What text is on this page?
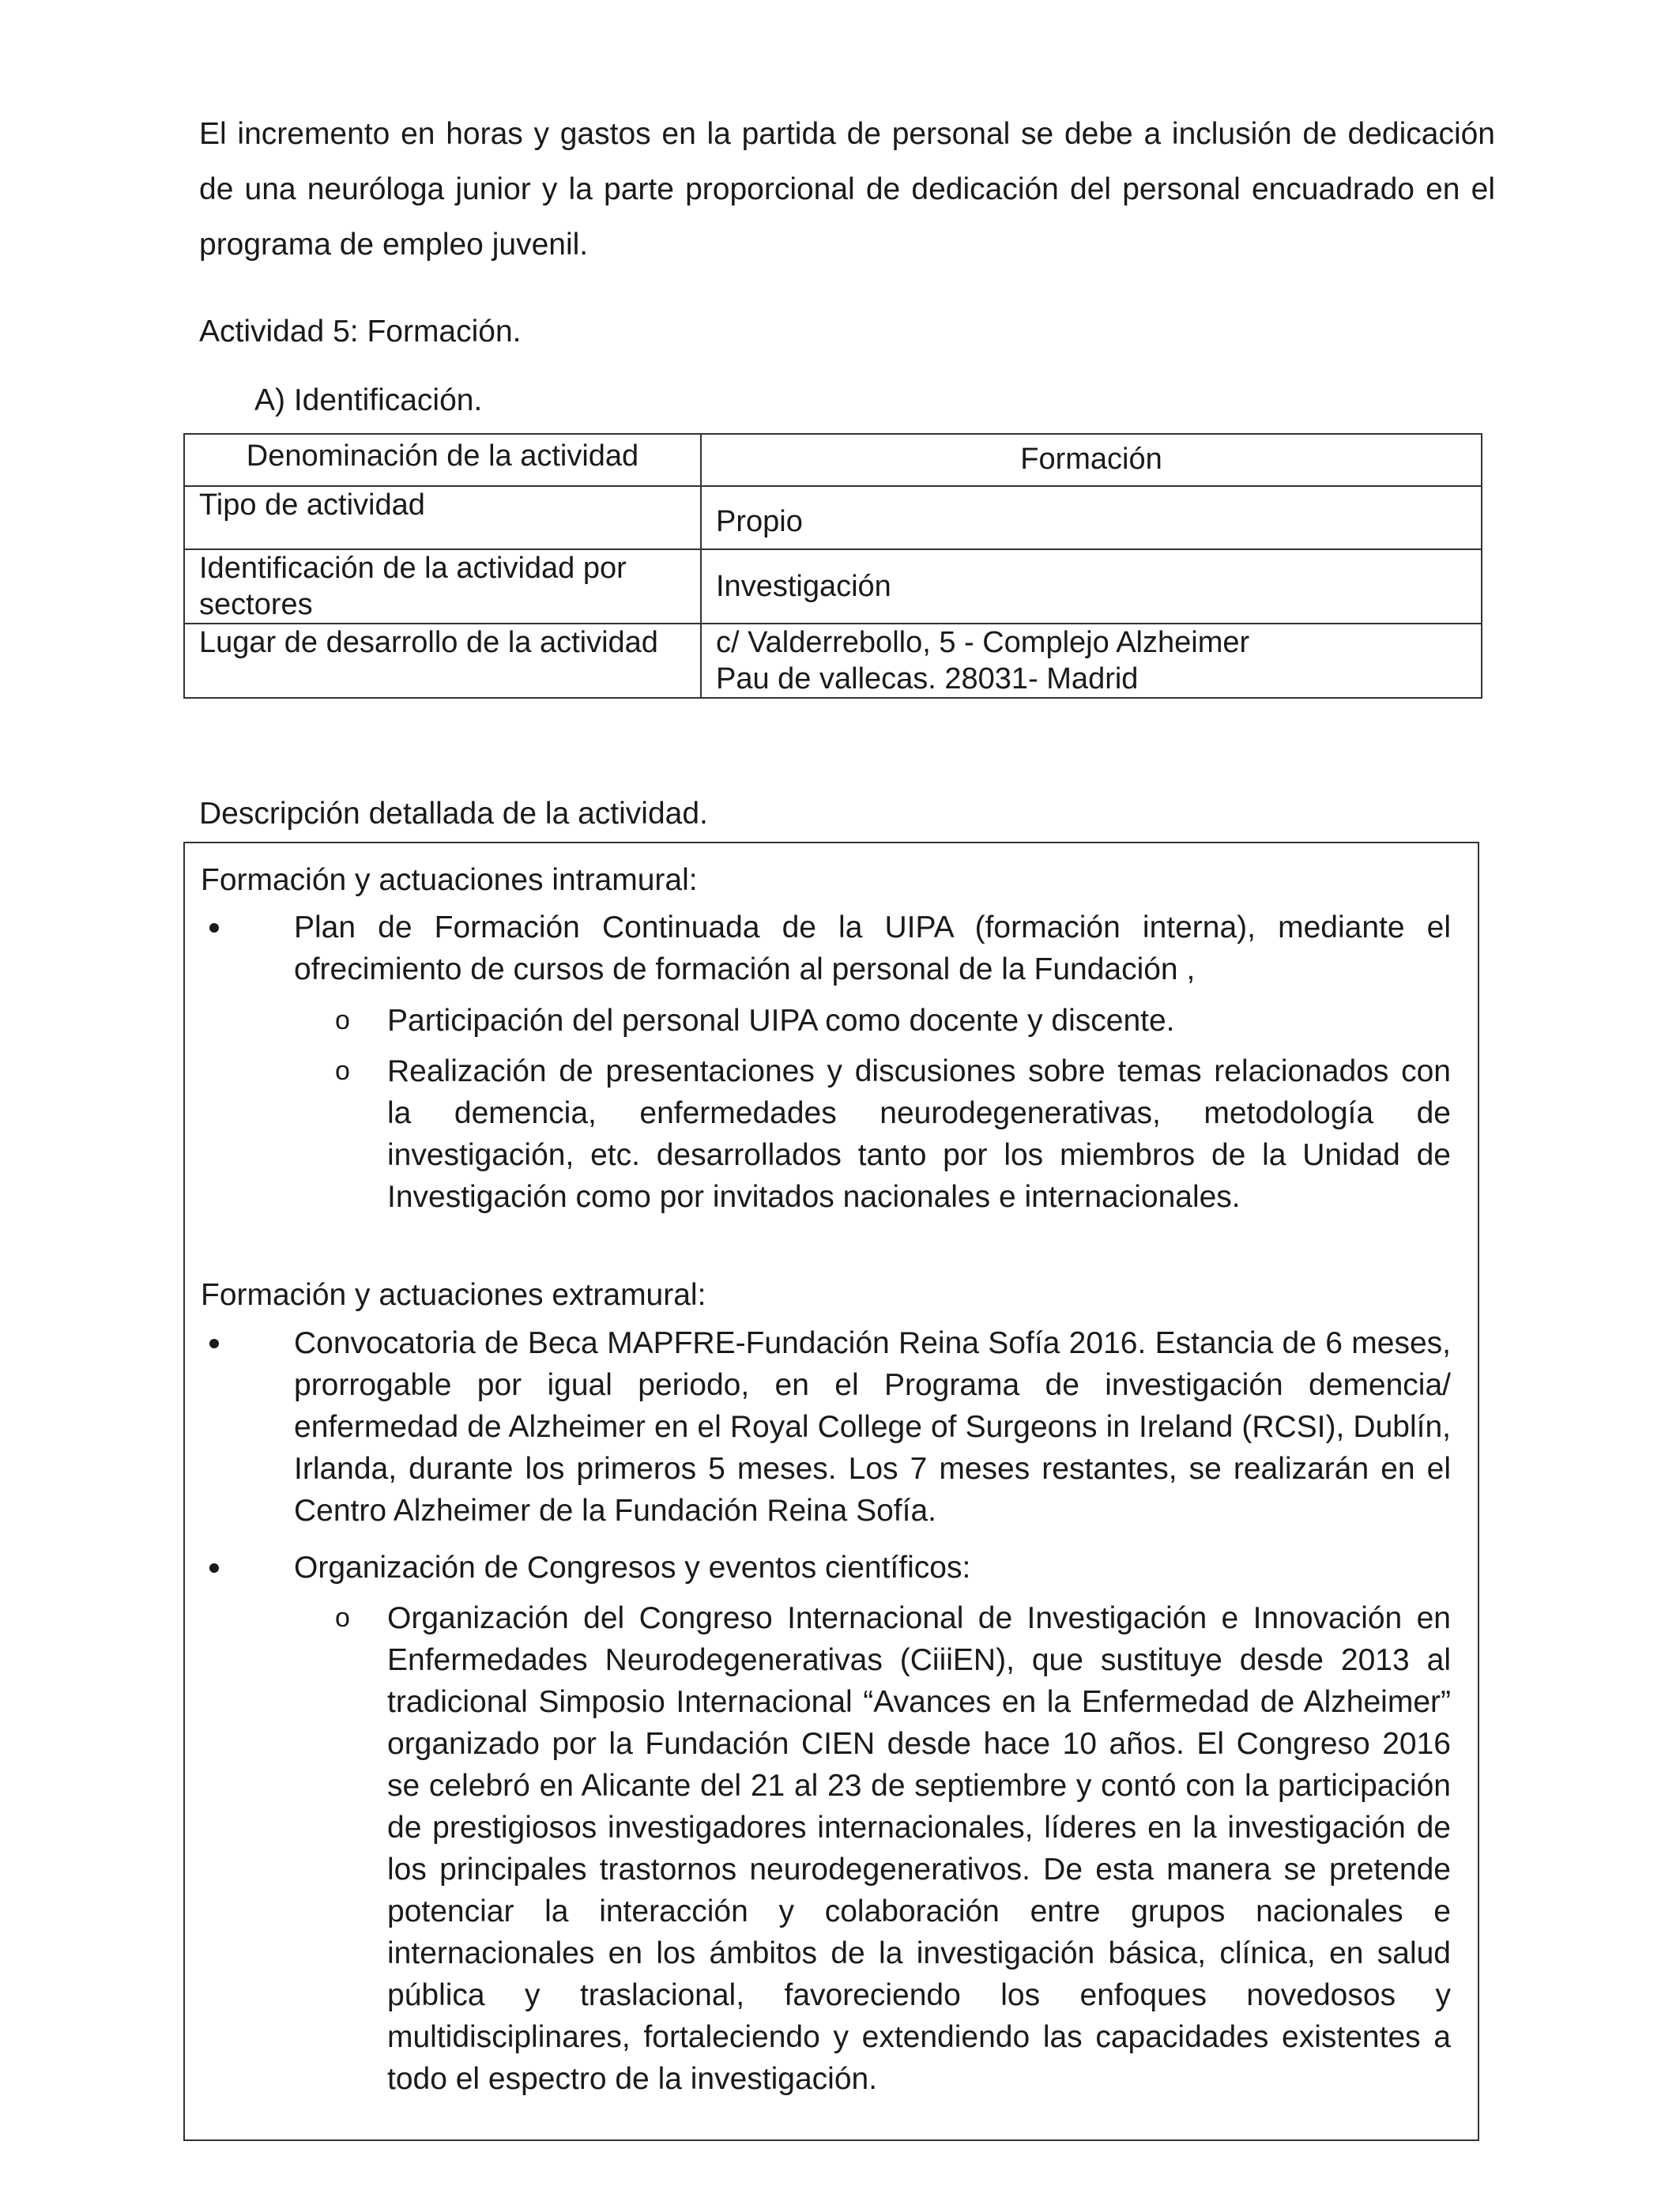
El incremento en horas y gastos en la partida de personal se debe a inclusión de dedicación de una neuróloga junior y la parte proporcional de dedicación del personal encuadrado en el programa de empleo juvenil.

Actividad 5: Formación.

A) Identificación.

Denominación de la actividad	Formación
Tipo de actividad	Propio
Identificación de la actividad por sectores	Investigación
Lugar de desarrollo de la actividad	c/ Valderrebollo, 5 - Complejo Alzheimer
Pau de vallecas. 28031- Madrid

Descripción detallada de la actividad.

Formación y actuaciones intramural:

Plan de Formación Continuada de la UIPA (formación interna), mediante el ofrecimiento de cursos de formación al personal de la Fundación ,
o Participación del personal UIPA como docente y discente.
o Realización de presentaciones y discusiones sobre temas relacionados con la demencia, enfermedades neurodegenerativas, metodología de investigación, etc. desarrollados tanto por los miembros de la Unidad de Investigación como por invitados nacionales e internacionales.

Formación y actuaciones extramural:

Convocatoria de Beca MAPFRE-Fundación Reina Sofía 2016. Estancia de 6 meses, prorrogable por igual periodo, en el Programa de investigación demencia/ enfermedad de Alzheimer en el Royal College of Surgeons in Ireland (RCSI), Dublín, Irlanda, durante los primeros 5 meses. Los 7 meses restantes, se realizarán en el Centro Alzheimer de la Fundación Reina Sofía.
Organización de Congresos y eventos científicos:
o Organización del Congreso Internacional de Investigación e Innovación en Enfermedades Neurodegenerativas (CiiiEN), que sustituye desde 2013 al tradicional Simposio Internacional “Avances en la Enfermedad de Alzheimer” organizado por la Fundación CIEN desde hace 10 años. El Congreso 2016 se celebró en Alicante del 21 al 23 de septiembre y contó con la participación de prestigiosos investigadores internacionales, líderes en la investigación de los principales trastornos neurodegenerativos. De esta manera se pretende potenciar la interacción y colaboración entre grupos nacionales e internacionales en los ámbitos de la investigación básica, clínica, en salud pública y traslacional, favoreciendo los enfoques novedosos y multidisciplinares, fortaleciendo y extendiendo las capacidades existentes a todo el espectro de la investigación.
